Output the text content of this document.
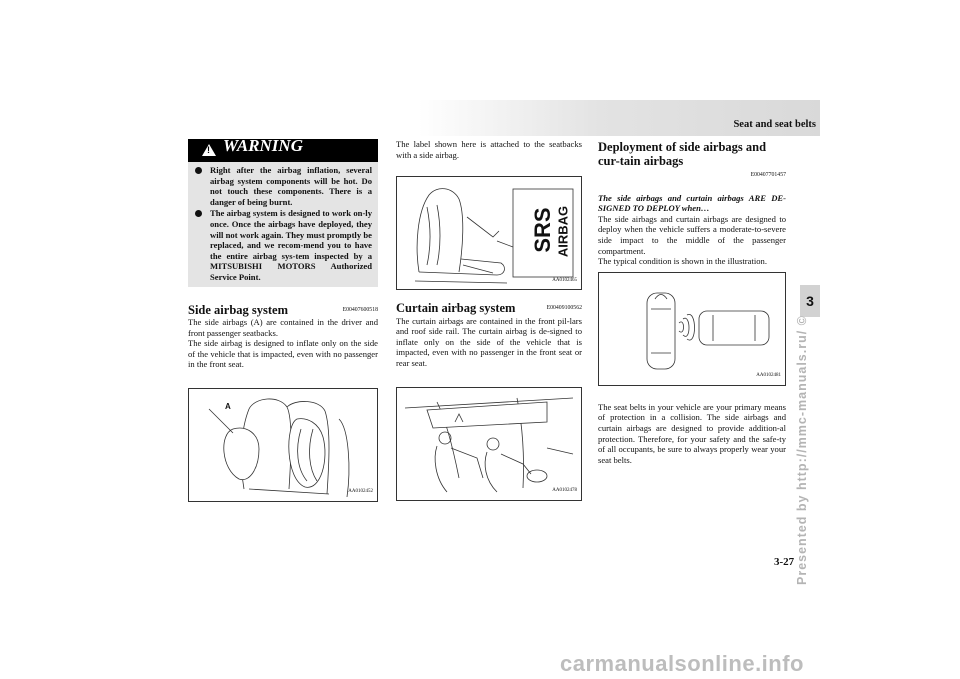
Seat and seat belts
3
Presented by http://mmc-manuals.ru/ ©
3-27
carmanualsonline.info
!
WARNING
Right after the airbag inflation, several airbag system components will be hot. Do not touch these components. There is a danger of being burnt.
The airbag system is designed to work on-ly once. Once the airbags have deployed, they will not work again. They must promptly be replaced, and we recom-mend you to have the entire airbag sys-tem inspected by a MITSUBISHI MOTORS Authorized Service Point.
Side airbag system	E00407600518

The side airbags (A) are contained in the driver and front passenger seatbacks.

The side airbag is designed to inflate only on the side of the vehicle that is impacted, even with no passenger in the front seat.

A
AA0102452

The label shown here is attached to the seatbacks with a side airbag.

SRS AIRBAG
AA0102465
Curtain airbag system	E00409100562

The curtain airbags are contained in the front pil-lars and roof side rail. The curtain airbag is de-signed to inflate only on the side of the vehicle that is impacted, even with no passenger in the front seat or rear seat.

AA0102478
Deployment of side airbags and cur-tain airbags
E00407701457

The side airbags and curtain airbags ARE DE-SIGNED TO DEPLOY when…

The side airbags and curtain airbags are designed to deploy when the vehicle suffers a moderate-to-severe side impact to the middle of the passenger compartment.

The typical condition is shown in the illustration.

AA0102481

The seat belts in your vehicle are your primary means of protection in a collision. The side airbags and curtain airbags are designed to provide addition-al protection. Therefore, for your safety and the safe-ty of all occupants, be sure to always properly wear your seat belts.
